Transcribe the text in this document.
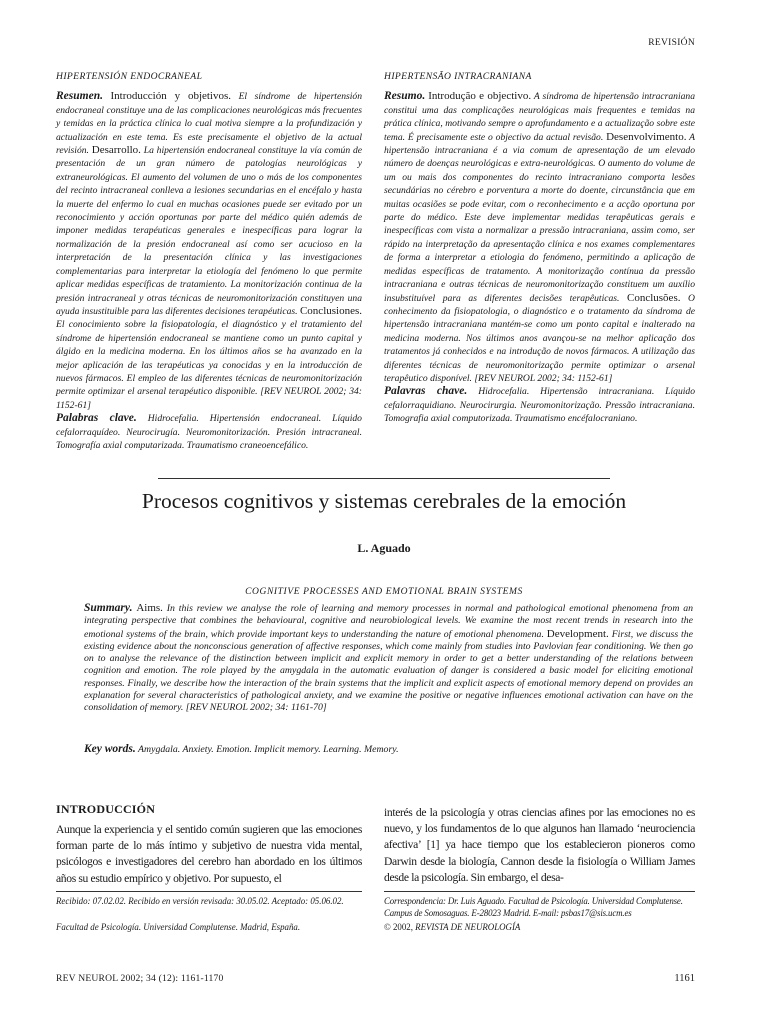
REVISIÓN
HIPERTENSIÓN ENDOCRANEAL

Resumen. Introducción y objetivos. El síndrome de hipertensión endocraneal constituye una de las complicaciones neurológicas más frecuentes y temidas en la práctica clínica lo cual motiva siempre a la profundización y actualización en este tema. Es este precisamente el objetivo de la actual revisión. Desarrollo. La hipertensión endocraneal constituye la vía común de presentación de un gran número de patologías neurológicas y extraneurológicas. El aumento del volumen de uno o más de los componentes del recinto intracraneal conlleva a lesiones secundarias en el encéfalo y hasta la muerte del enfermo lo cual en muchas ocasiones puede ser evitado por un reconocimiento y acción oportunas por parte del médico quién además de imponer medidas terapéuticas generales e inespecíficas para lograr la normalización de la presión endocraneal así como ser acucioso en la interpretación de la presentación clínica y las investigaciones complementarias para interpretar la etiología del fenómeno lo que permite aplicar medidas específicas de tratamiento. La monitorización continua de la presión intracraneal y otras técnicas de neuromonitorización constituyen una ayuda insustituible para las diferentes decisiones terapéuticas. Conclusiones. El conocimiento sobre la fisiopatología, el diagnóstico y el tratamiento del síndrome de hipertensión endocraneal se mantiene como un punto capital y álgido en la medicina moderna. En los últimos años se ha avanzado en la mejor aplicación de las terapéuticas ya conocidas y en la introducción de nuevos fármacos. El empleo de las diferentes técnicas de neuromonitorización permite optimizar el arsenal terapéutico disponible. [REV NEUROL 2002; 34: 1152-61]

Palabras clave. Hidrocefalia. Hipertensión endocraneal. Líquido cefalorraquídeo. Neurocirugía. Neuromonitorización. Presión intracraneal. Tomografía axial computarizada. Traumatismo craneoencefálico.

HIPERTENSÃO INTRACRANIANA

Resumo. Introdução e objectivo. A síndroma de hipertensão intracraniana constitui uma das complicações neurológicas mais frequentes e temidas na prática clínica, motivando sempre o aprofundamento e a actualização sobre este tema. É precisamente este o objectivo da actual revisão. Desenvolvimento. A hipertensão intracraniana é a via comum de apresentação de um elevado número de doenças neurológicas e extra-neurológicas. O aumento do volume de um ou mais dos componentes do recinto intracraniano comporta lesões secundárias no cérebro e porventura a morte do doente, circunstância que em muitas ocasiões se pode evitar, com o reconhecimento e a acção oportuna por parte do médico. Este deve implementar medidas terapêuticas gerais e inespecíficas com vista a normalizar a pressão intracraniana, assim como, ser rápido na interpretação da apresentação clínica e nos exames complementares de forma a interpretar a etiologia do fenómeno, permitindo a aplicação de medidas específicas de tratamento. A monitorização contínua da pressão intracraniana e outras técnicas de neuromonitorização constituem um auxílio insubstituível para as diferentes decisões terapêuticas. Conclusões. O conhecimento da fisiopatologia, o diagnóstico e o tratamento da síndroma de hipertensão intracraniana mantém-se como um ponto capital e inalterado na medicina moderna. Nos últimos anos avançou-se na melhor aplicação dos tratamentos já conhecidos e na introdução de novos fármacos. A utilização das diferentes técnicas de neuromonitorização permite optimizar o arsenal terapêutico disponível. [REV NEUROL 2002; 34: 1152-61]

Palavras chave. Hidrocefalia. Hipertensão intracraniana. Líquido cefalorraquidiano. Neurocirurgia. Neuromonitorização. Pressão intracraniana. Tomografia axial computorizada. Traumatismo encéfalocraniano.

Procesos cognitivos y sistemas cerebrales de la emoción
L. Aguado
COGNITIVE PROCESSES AND EMOTIONAL BRAIN SYSTEMS
Summary. Aims. In this review we analyse the role of learning and memory processes in normal and pathological emotional phenomena from an integrating perspective that combines the behavioural, cognitive and neurobiological levels. We examine the most recent trends in research into the emotional systems of the brain, which provide important keys to understanding the nature of emotional phenomena. Development. First, we discuss the existing evidence about the nonconscious generation of affective responses, which come mainly from studies into Pavlovian fear conditioning. We then go on to analyse the relevance of the distinction between implicit and explicit memory in order to get a better understanding of the relations between cognition and emotion. The role played by the amygdala in the automatic evaluation of danger is considered a basic model for eliciting emotional responses. Finally, we describe how the interaction of the brain systems that the implicit and explicit aspects of emotional memory depend on provides an explanation for several characteristics of pathological anxiety, and we examine the positive or negative influences emotional activation can have on the consolidation of memory. [REV NEUROL 2002; 34: 1161-70]
Key words. Amygdala. Anxiety. Emotion. Implicit memory. Learning. Memory.
INTRODUCCIÓN
Aunque la experiencia y el sentido común sugieren que las emociones forman parte de lo más íntimo y subjetivo de nuestra vida mental, psicólogos e investigadores del cerebro han abordado en los últimos años su estudio empírico y objetivo. Por supuesto, el
interés de la psicología y otras ciencias afines por las emociones no es nuevo, y los fundamentos de lo que algunos han llamado ‘neurociencia afectiva’ [1] ya hace tiempo que los establecieron pioneros como Darwin desde la biología, Cannon desde la fisiología o William James desde la psicología. Sin embargo, el desa-
Recibido: 07.02.02. Recibido en versión revisada: 30.05.02. Aceptado: 05.06.02.
Facultad de Psicología. Universidad Complutense. Madrid, España.
Correspondencia: Dr. Luis Aguado. Facultad de Psicología. Universidad Complutense. Campus de Somosaguas. E-28023 Madrid. E-mail: psbas17@sis.ucm.es
© 2002, REVISTA DE NEUROLOGÍA
REV NEUROL 2002; 34 (12): 1161-1170	1161
